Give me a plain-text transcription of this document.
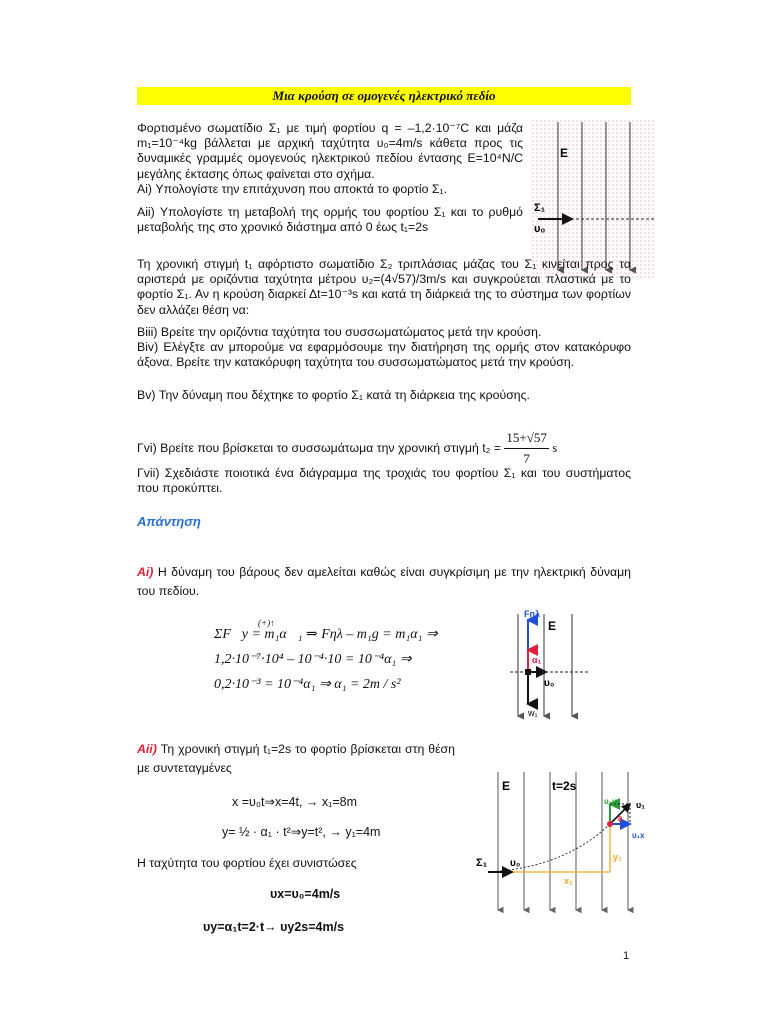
Μια κρούση σε ομογενές ηλεκτρικό πεδίο
Φορτισμένο σωματίδιο Σ₁ με τιμή φορτίου q = –1,2·10⁻⁷C και μάζα m₁=10⁻⁴kg βάλλεται με αρχική ταχύτητα υ₀=4m/s κάθετα προς τις δυναμικές γραμμές ομογενούς ηλεκτρικού πεδίου έντασης E=10⁴N/C μεγάλης έκτασης όπως φαίνεται στο σχήμα.
Ai) Υπολογίστε την επιτάχυνση που αποκτά το φορτίο Σ₁.
Aii) Υπολογίστε τη μεταβολή της ορμής του φορτίου Σ₁ και το ρυθμό μεταβολής της στο χρονικό διάστημα από 0 έως t₁=2s
E
Σ₁
υ₀
Τη χρονική στιγμή t₁ αφόρτιστο σωματίδιο Σ₂ τριπλάσιας μάζας του Σ₁ κινείται προς τα αριστερά με οριζόντια ταχύτητα μέτρου υ₂=(4√57)/3m/s και συγκρούεται πλαστικά με το φορτίο Σ₁. Αν η κρούση διαρκεί Δt=10⁻³s και κατά τη διάρκειά της το σύστημα των φορτίων δεν αλλάζει θέση να:
Biii) Βρείτε την οριζόντια ταχύτητα του συσσωματώματος μετά την κρούση.
Biv) Ελέγξτε αν μπορούμε να εφαρμόσουμε την διατήρηση της ορμής στον κατακόρυφο άξονα. Βρείτε την κατακόρυφη ταχύτητα του συσσωματώματος μετά την κρούση.
Bv) Την δύναμη που δέχτηκε το φορτίο Σ₁ κατά τη διάρκεια της κρούσης.
Γvi) Βρείτε που βρίσκεται το συσσωμάτωμα την χρονική στιγμή $t_2 = \frac{15+√57}{7}$ s
Γvii) Σχεδιάστε ποιοτικά ένα διάγραμμα της τροχιάς του φορτίου Σ₁ και του συστήματος που προκύπτει.
Απάντηση
Ai) Η δύναμη του βάρους δεν αμελείται καθώς είναι συγκρίσιμη με την ηλεκτρική δύναμη του πεδίου.
(+)↑
ΣF⃗y = m₁α⃗₁ ⇒ Fηλ – m₁g = m₁α₁ ⇒
1,2·10⁻⁷·10⁴ – 10⁻⁴·10 = 10⁻⁴α₁ ⇒
0,2·10⁻³ = 10⁻⁴α₁ ⇒ α₁ = 2m / s²
Fηλ
E
α₁
υ₀
w₁
Aii) Τη χρονική στιγμή t₁=2s το φορτίο βρίσκεται στη θέση με συντεταγμένες
x =υ₀t⇒x=4t, → x₁=8m
y= ½ · α₁ · t²⇒y=t², → y₁=4m
Η ταχύτητα του φορτίου έχει συνιστώσες
υx=υ₀=4m/s
υy=α₁t=2·t→ υy2s=4m/s
E	t=2s
Σ₁ υ₀
υ₁y υ₁
υ₁x
θ
y₁
x₁
1
